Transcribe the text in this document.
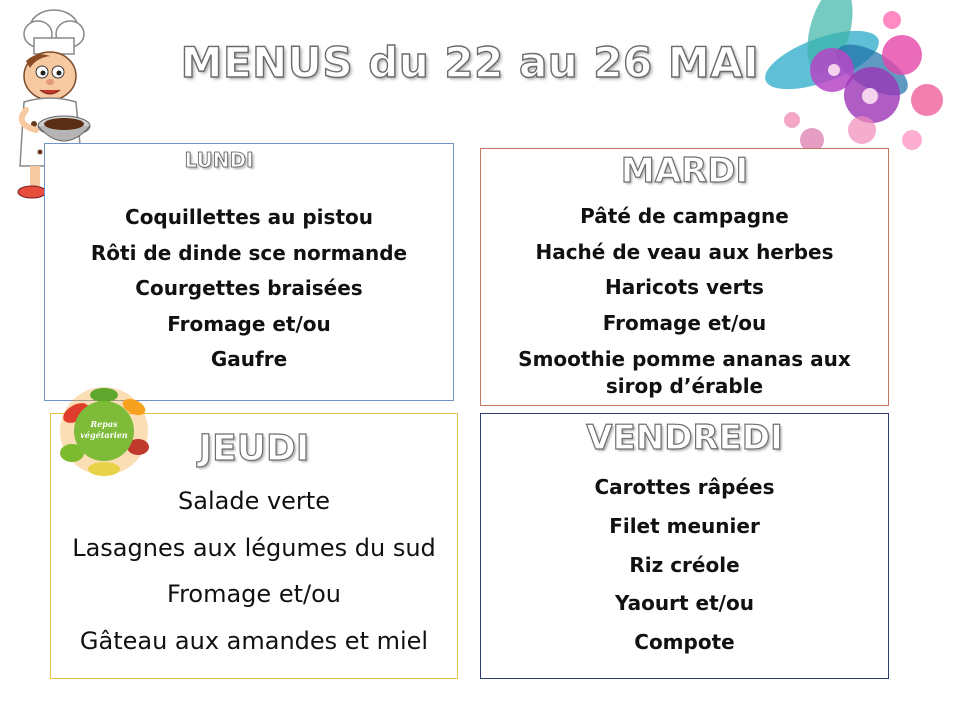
MENUS du 22 au 26 MAI
LUNDI
Coquillettes au pistou
Rôti de dinde sce normande
Courgettes braisées
Fromage et/ou
Gaufre
MARDI
Pâté de campagne
Haché de veau aux herbes
Haricots verts
Fromage et/ou
Smoothie pomme ananas aux sirop d’érable
JEUDI
Salade verte
Lasagnes aux légumes du sud
Fromage et/ou
Gâteau aux amandes et miel
Repas
végétarien	VENDREDI
Carottes râpées
Filet meunier
Riz créole
Yaourt et/ou
Compote
